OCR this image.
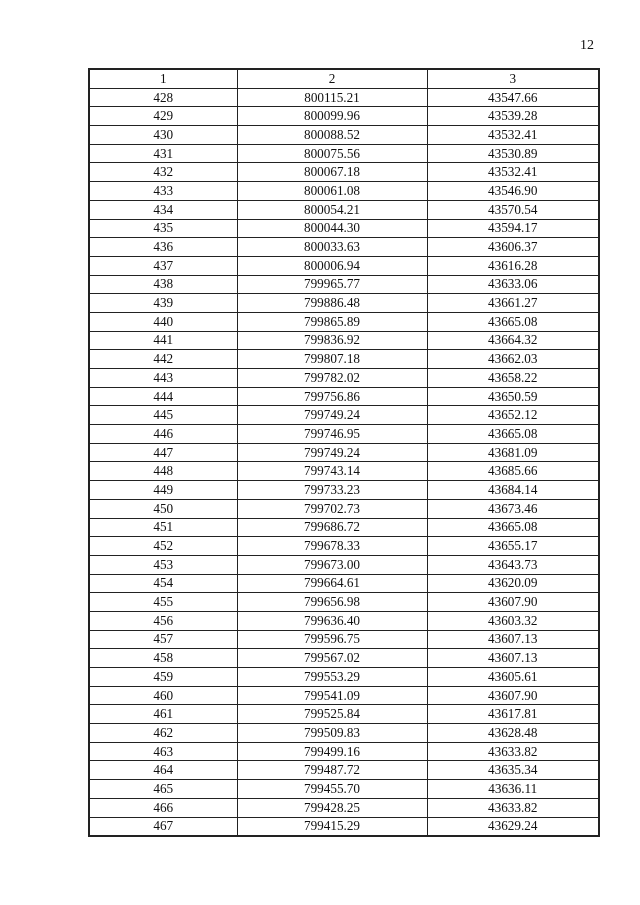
12
1	2	3
428	800115.21	43547.66
429	800099.96	43539.28
430	800088.52	43532.41
431	800075.56	43530.89
432	800067.18	43532.41
433	800061.08	43546.90
434	800054.21	43570.54
435	800044.30	43594.17
436	800033.63	43606.37
437	800006.94	43616.28
438	799965.77	43633.06
439	799886.48	43661.27
440	799865.89	43665.08
441	799836.92	43664.32
442	799807.18	43662.03
443	799782.02	43658.22
444	799756.86	43650.59
445	799749.24	43652.12
446	799746.95	43665.08
447	799749.24	43681.09
448	799743.14	43685.66
449	799733.23	43684.14
450	799702.73	43673.46
451	799686.72	43665.08
452	799678.33	43655.17
453	799673.00	43643.73
454	799664.61	43620.09
455	799656.98	43607.90
456	799636.40	43603.32
457	799596.75	43607.13
458	799567.02	43607.13
459	799553.29	43605.61
460	799541.09	43607.90
461	799525.84	43617.81
462	799509.83	43628.48
463	799499.16	43633.82
464	799487.72	43635.34
465	799455.70	43636.11
466	799428.25	43633.82
467	799415.29	43629.24
